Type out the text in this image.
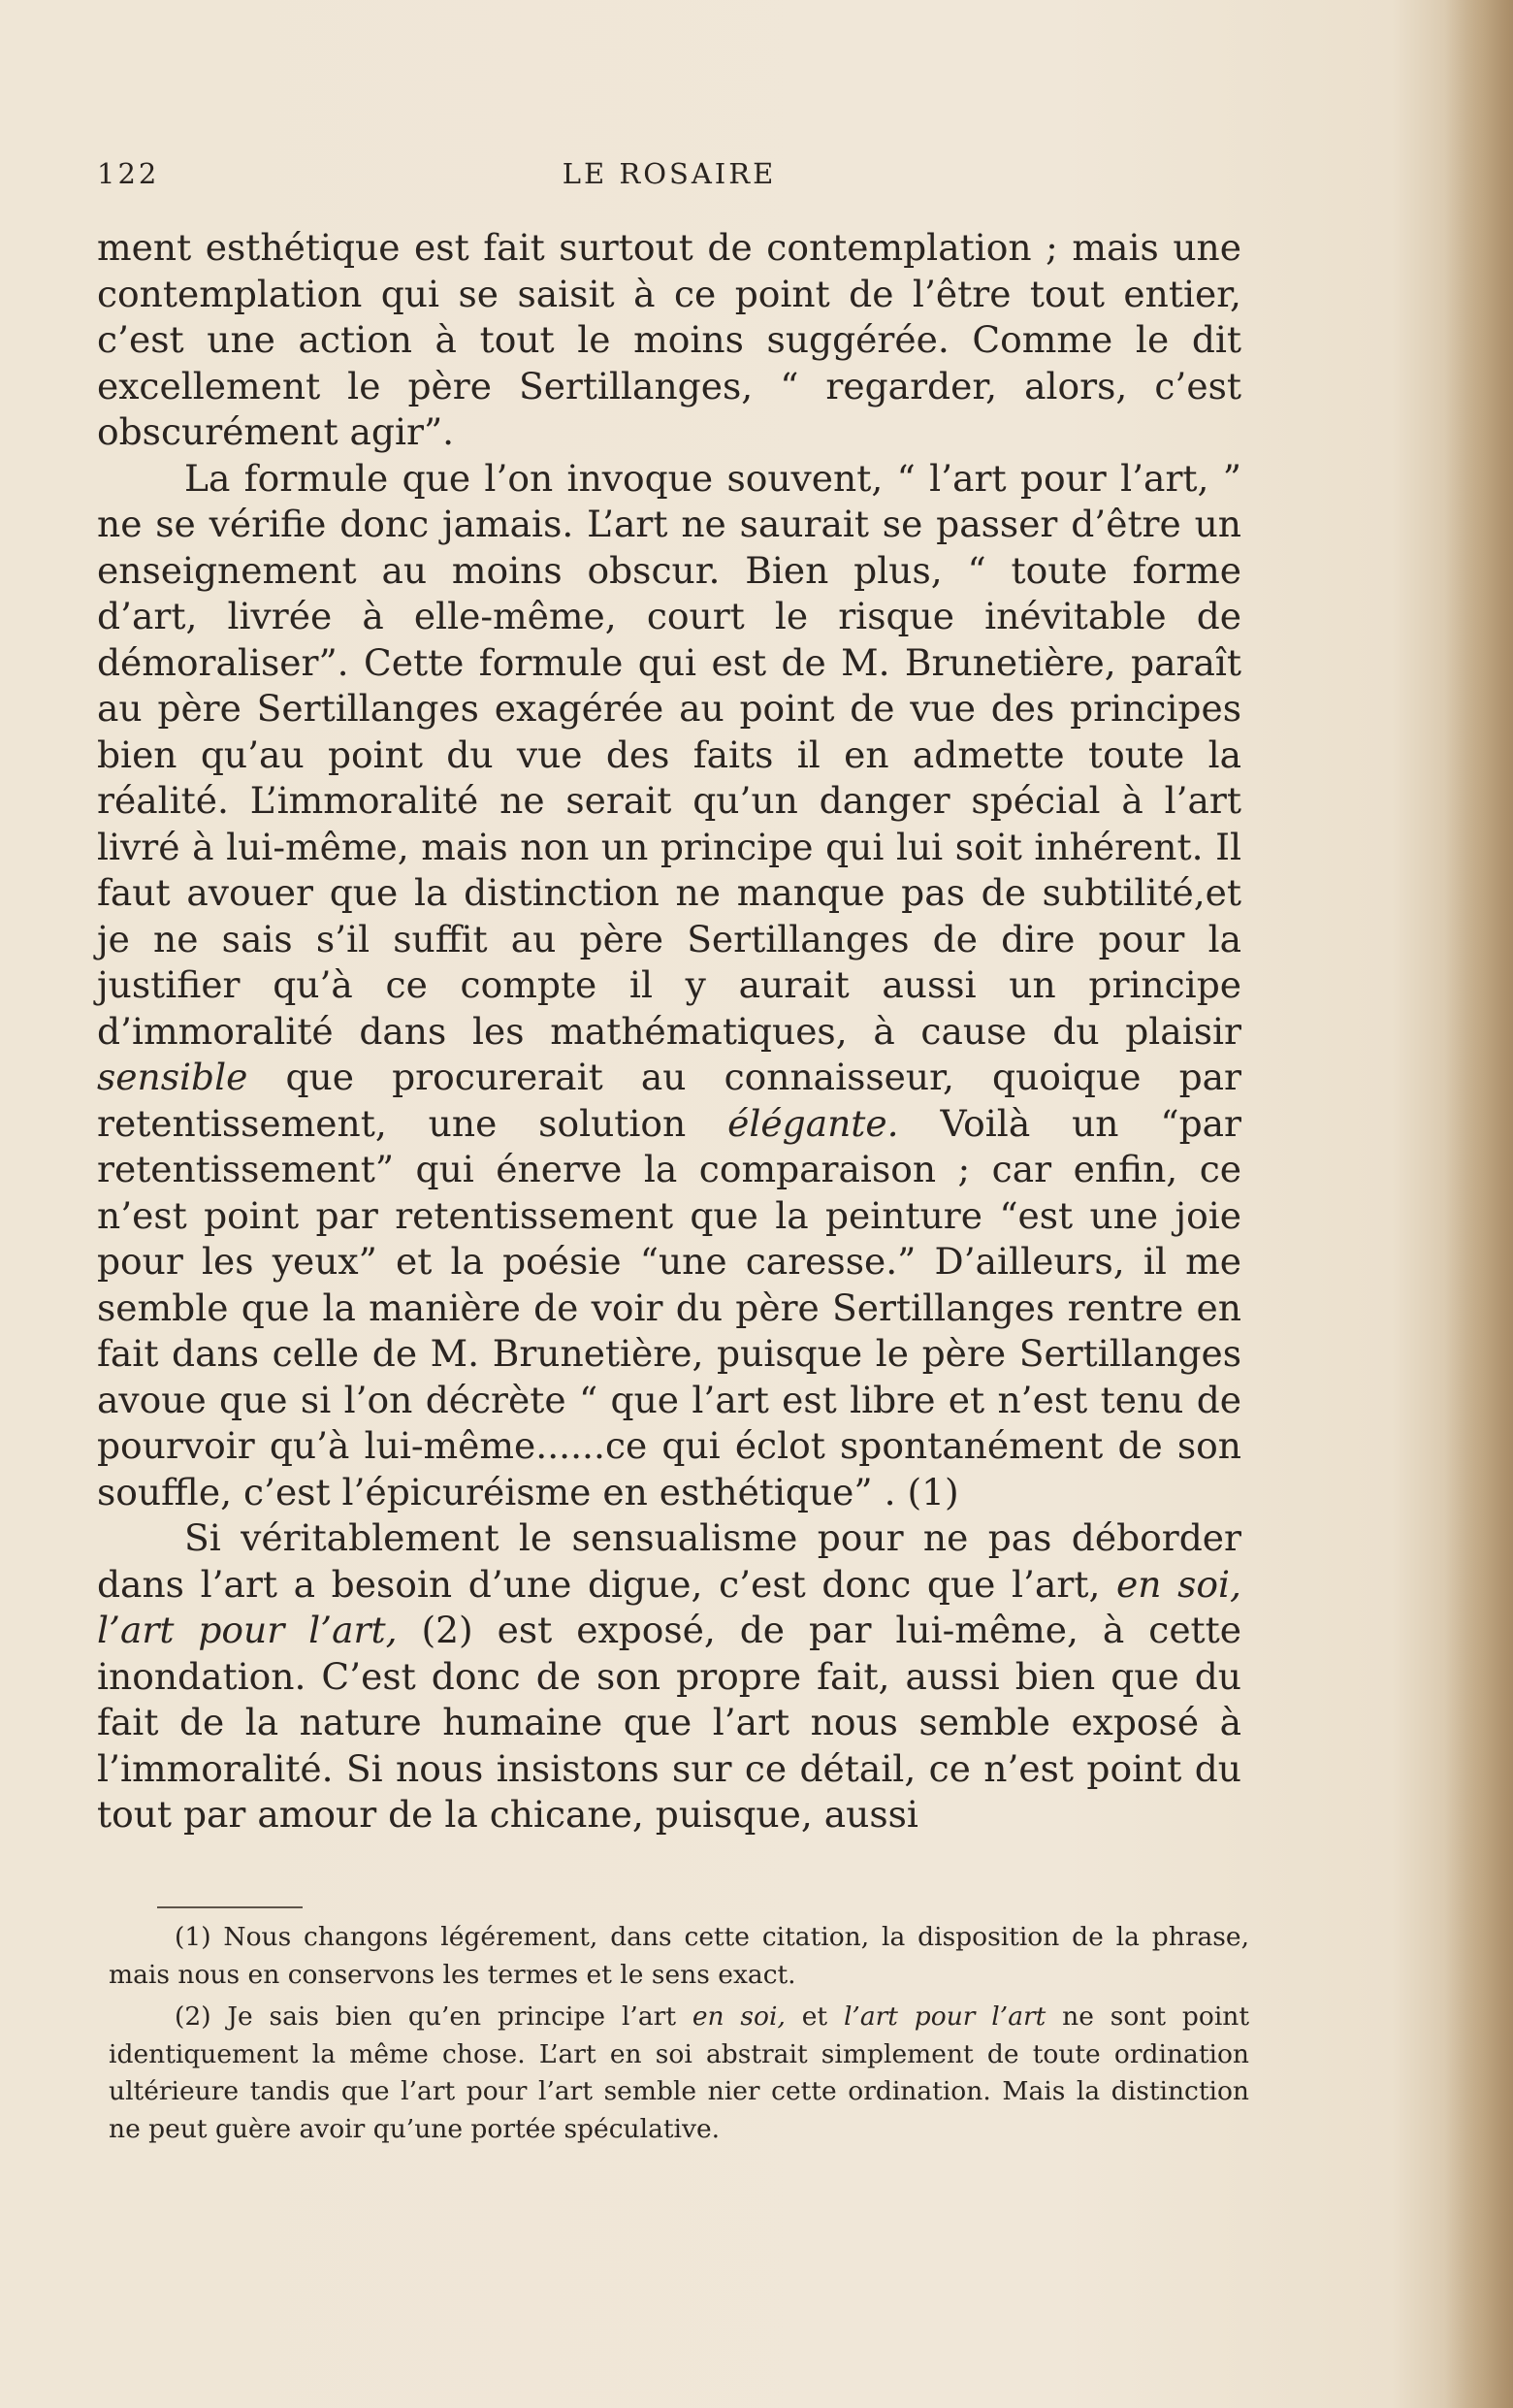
122	LE ROSAIRE

ment esthétique est fait surtout de contemplation ; mais une contemplation qui se saisit à ce point de l’être tout entier, c’est une action à tout le moins suggérée. Comme le dit excellement le père Sertillanges, “ regarder, alors, c’est obscurément agir”.

La formule que l’on invoque souvent, “ l’art pour l’art, ” ne se vérifie donc jamais. L’art ne saurait se passer d’être un enseignement au moins obscur. Bien plus, “ toute forme d’art, livrée à elle-même, court le risque inévitable de démoraliser”. Cette formule qui est de M. Brunetière, paraît au père Sertillanges exagérée au point de vue des principes bien qu’au point du vue des faits il en admette toute la réalité. L’immoralité ne serait qu’un danger spécial à l’art livré à lui-même, mais non un principe qui lui soit inhérent. Il faut avouer que la distinction ne manque pas de subtilité,et je ne sais s’il suffit au père Sertillanges de dire pour la justifier qu’à ce compte il y aurait aussi un principe d’immoralité dans les mathématiques, à cause du plaisir sensible que procurerait au connaisseur, quoique par retentissement, une solution élégante. Voilà un “par retentissement” qui énerve la comparaison ; car enfin, ce n’est point par retentissement que la peinture “est une joie pour les yeux” et la poésie “une caresse.” D’ailleurs, il me semble que la manière de voir du père Sertillanges rentre en fait dans celle de M. Brunetière, puisque le père Sertillanges avoue que si l’on décrète “ que l’art est libre et n’est tenu de pourvoir qu’à lui-même......ce qui éclot spontanément de son souffle, c’est l’épicuréisme en esthétique” . (1)

Si véritablement le sensualisme pour ne pas déborder dans l’art a besoin d’une digue, c’est donc que l’art, en soi, l’art pour l’art, (2) est exposé, de par lui-même, à cette inondation. C’est donc de son propre fait, aussi bien que du fait de la nature humaine que l’art nous semble exposé à l’immoralité. Si nous insistons sur ce détail, ce n’est point du tout par amour de la chicane, puisque, aussi

(1) Nous changons légérement, dans cette citation, la disposition de la phrase, mais nous en conservons les termes et le sens exact.

(2) Je sais bien qu’en principe l’art en soi, et l’art pour l’art ne sont point identiquement la même chose. L’art en soi abstrait simplement de toute ordination ultérieure tandis que l’art pour l’art semble nier cette ordination. Mais la distinction ne peut guère avoir qu’une portée spéculative.
